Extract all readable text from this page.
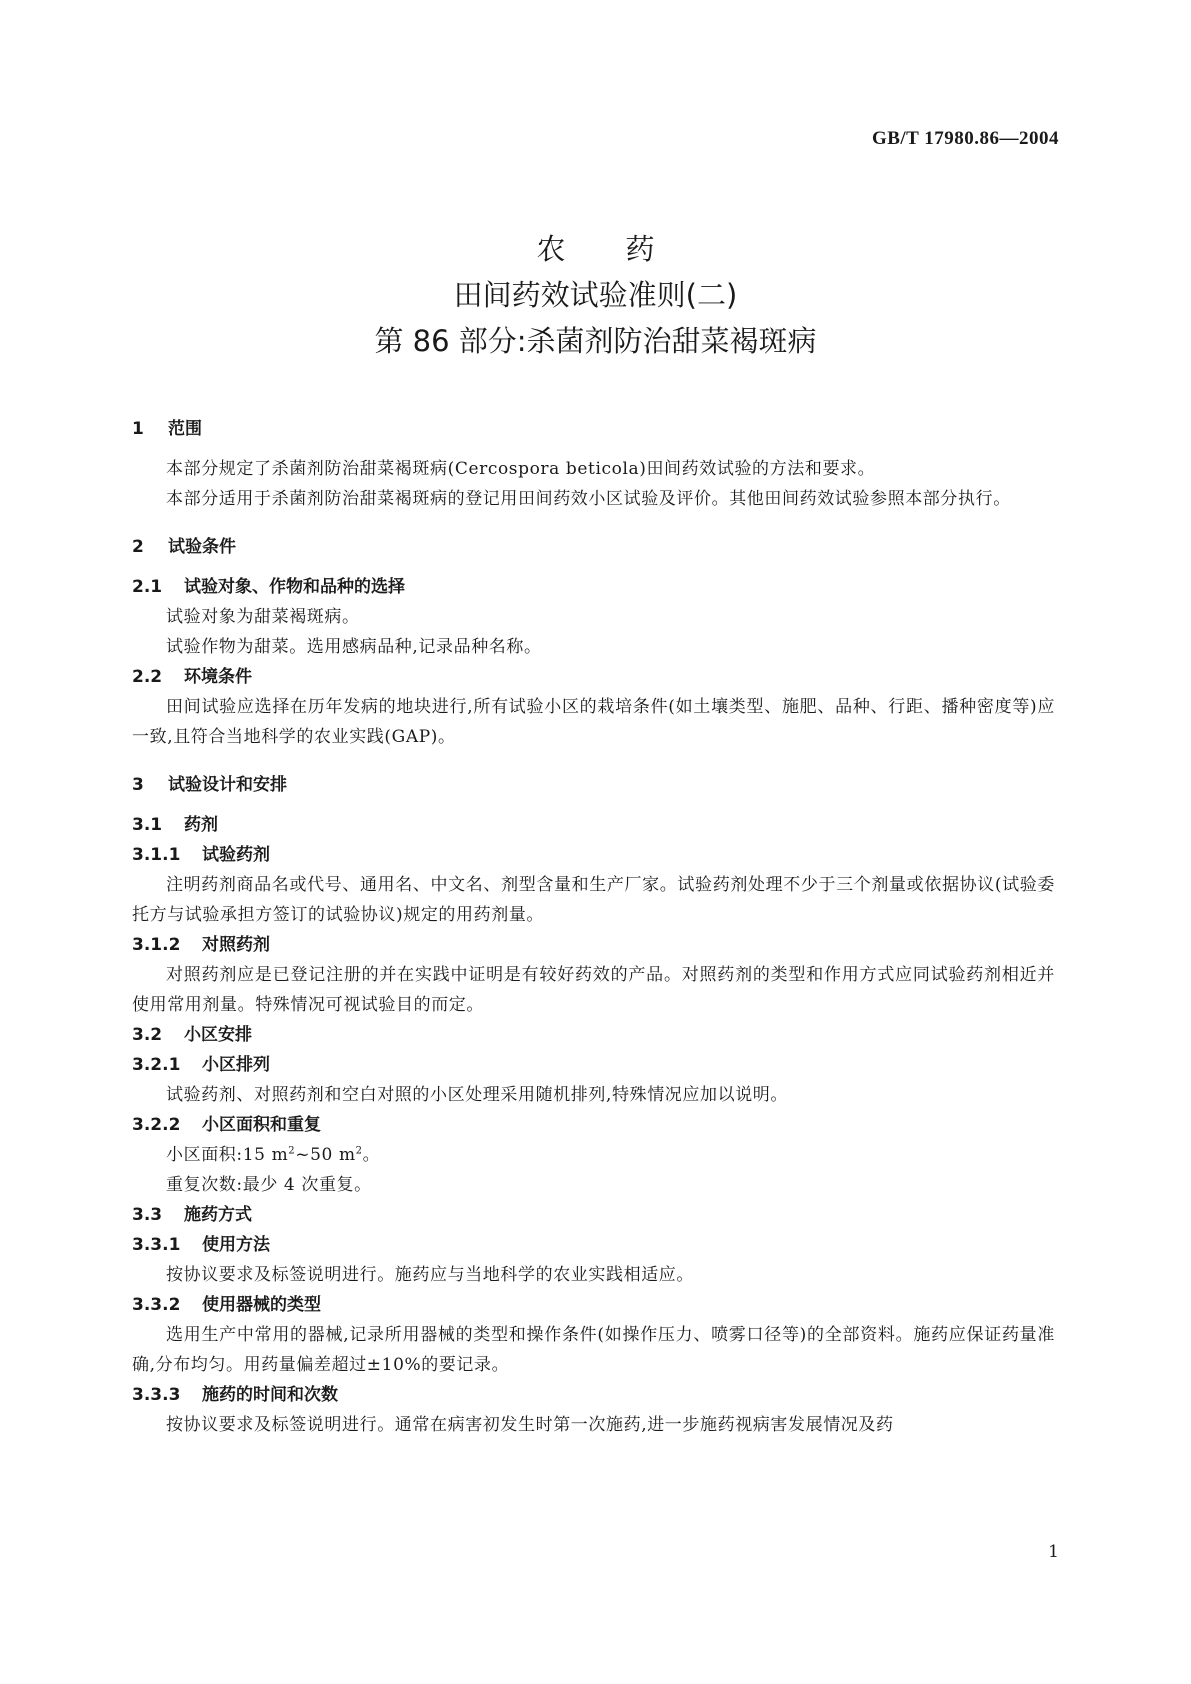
GB/T 17980.86—2004
农药
田间药效试验准则(二)
第 86 部分:杀菌剂防治甜菜褐斑病
1 范围

本部分规定了杀菌剂防治甜菜褐斑病(Cercospora beticola)田间药效试验的方法和要求。

本部分适用于杀菌剂防治甜菜褐斑病的登记用田间药效小区试验及评价。其他田间药效试验参照本部分执行。

2 试验条件
2.1 试验对象、作物和品种的选择

试验对象为甜菜褐斑病。

试验作物为甜菜。选用感病品种,记录品种名称。

2.2 环境条件

田间试验应选择在历年发病的地块进行,所有试验小区的栽培条件(如土壤类型、施肥、品种、行距、播种密度等)应一致,且符合当地科学的农业实践(GAP)。

3 试验设计和安排
3.1 药剂
3.1.1 试验药剂

注明药剂商品名或代号、通用名、中文名、剂型含量和生产厂家。试验药剂处理不少于三个剂量或依据协议(试验委托方与试验承担方签订的试验协议)规定的用药剂量。

3.1.2 对照药剂

对照药剂应是已登记注册的并在实践中证明是有较好药效的产品。对照药剂的类型和作用方式应同试验药剂相近并使用常用剂量。特殊情况可视试验目的而定。

3.2 小区安排
3.2.1 小区排列

试验药剂、对照药剂和空白对照的小区处理采用随机排列,特殊情况应加以说明。

3.2.2 小区面积和重复

小区面积:15 $m^2\sim 50$ $m^2$。

重复次数:最少 4 次重复。

3.3 施药方式
3.3.1 使用方法

按协议要求及标签说明进行。施药应与当地科学的农业实践相适应。

3.3.2 使用器械的类型

选用生产中常用的器械,记录所用器械的类型和操作条件(如操作压力、喷雾口径等)的全部资料。施药应保证药量准确,分布均匀。用药量偏差超过±10%的要记录。

3.3.3 施药的时间和次数

按协议要求及标签说明进行。通常在病害初发生时第一次施药,进一步施药视病害发展情况及药

1
